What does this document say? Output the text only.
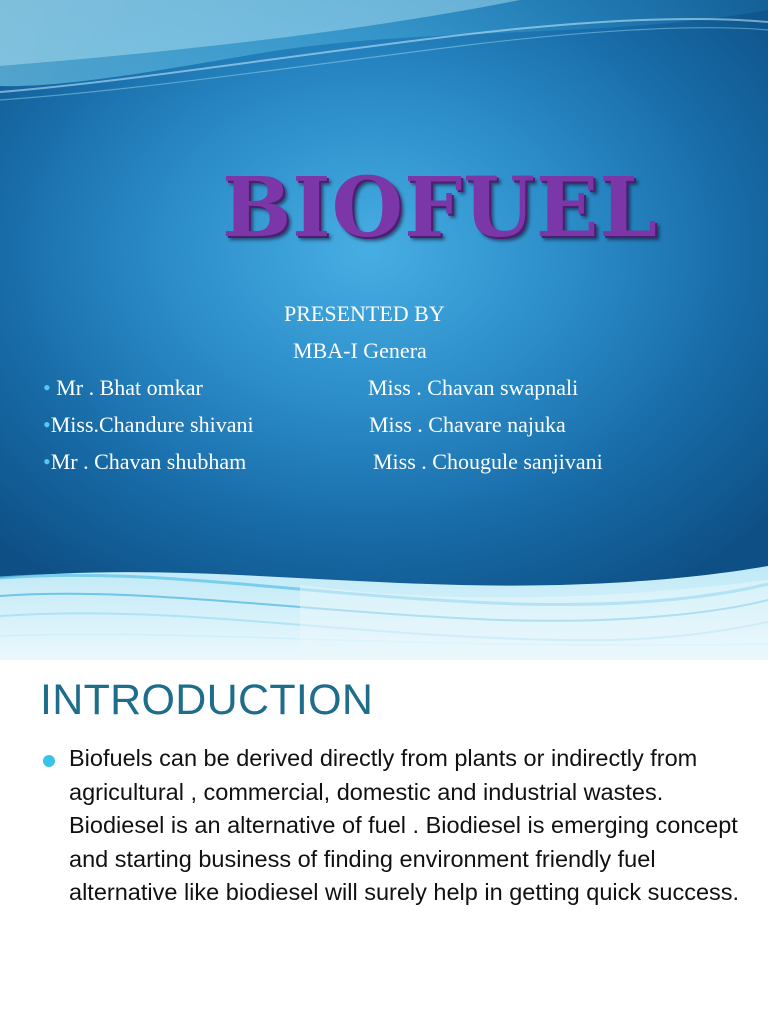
BIOFUEL

PRESENTED BY

MBA-I Genera

• Mr . Bhat omkar
•Miss.Chandure shivani
•Mr . Chavan shubham
Miss . Chavan swapnali
Miss . Chavare najuka
Miss . Chougule sanjivani
INTRODUCTION

Biofuels can be derived directly from plants or indirectly from agricultural , commercial, domestic and industrial wastes. Biodiesel is an alternative of fuel . Biodiesel is emerging concept and starting business of finding environment friendly fuel alternative like biodiesel will surely help in getting quick success.
